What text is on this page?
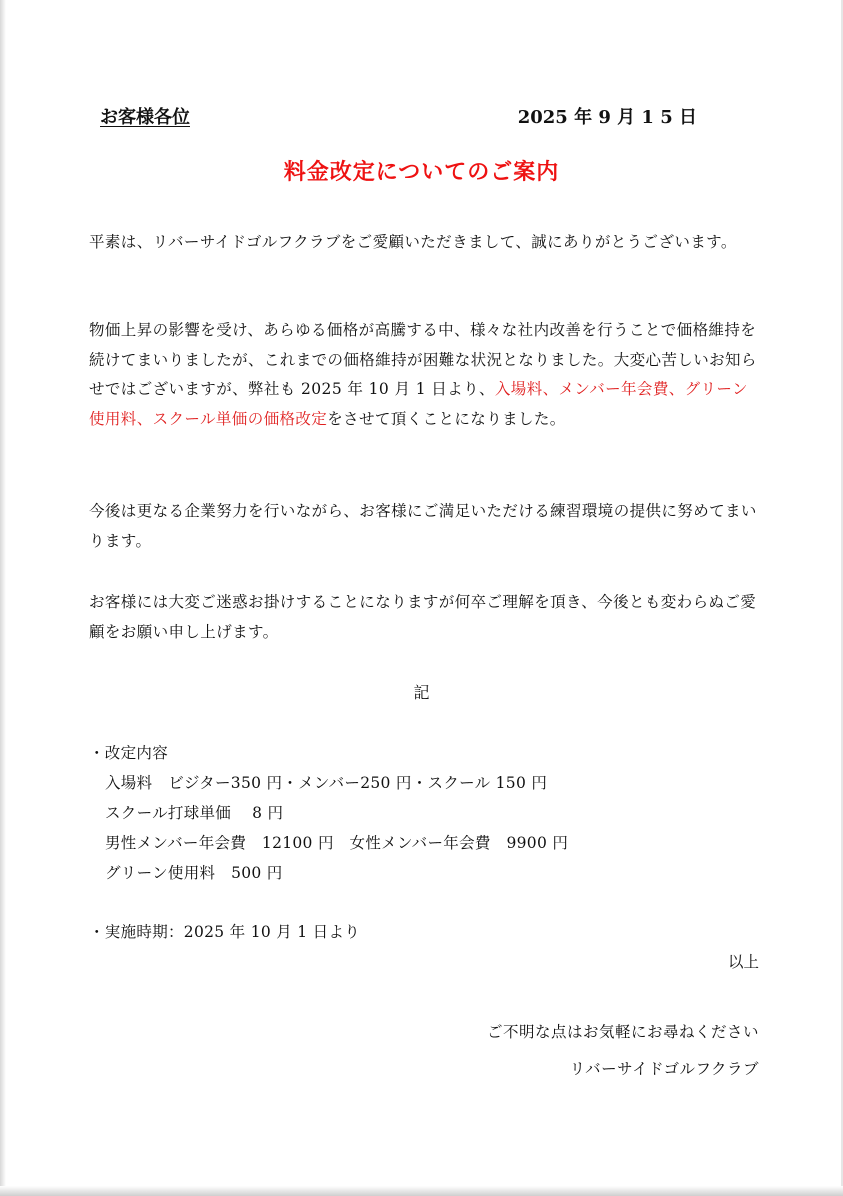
お客様各位	2025 年 9 月 1 5 日
料金改定についてのご案内
平素は、リバーサイドゴルフクラブをご愛顧いただきまして、誠にありがとうございます。
物価上昇の影響を受け、あらゆる価格が高騰する中、様々な社内改善を行うことで価格維持を続けてまいりましたが、これまでの価格維持が困難な状況となりました。大変心苦しいお知らせではございますが、弊社も 2025 年 10 月 1 日より、入場料、メンバー年会費、グリーン使用料、スクール単価の価格改定をさせて頂くことになりました。
今後は更なる企業努力を行いながら、お客様にご満足いただける練習環境の提供に努めてまいります。
お客様には大変ご迷惑お掛けすることになりますが何卒ご理解を頂き、今後とも変わらぬご愛顧をお願い申し上げます。
記
・改定内容
入場料　ビジター350 円・メンバー250 円・スクール 150 円
スクール打球単価　 8 円
男性メンバー年会費　12100 円　女性メンバー年会費　9900 円
グリーン使用料　500 円
・実施時期：2025 年 10 月 1 日より
以上
ご不明な点はお気軽にお尋ねください
リバーサイドゴルフクラブ
